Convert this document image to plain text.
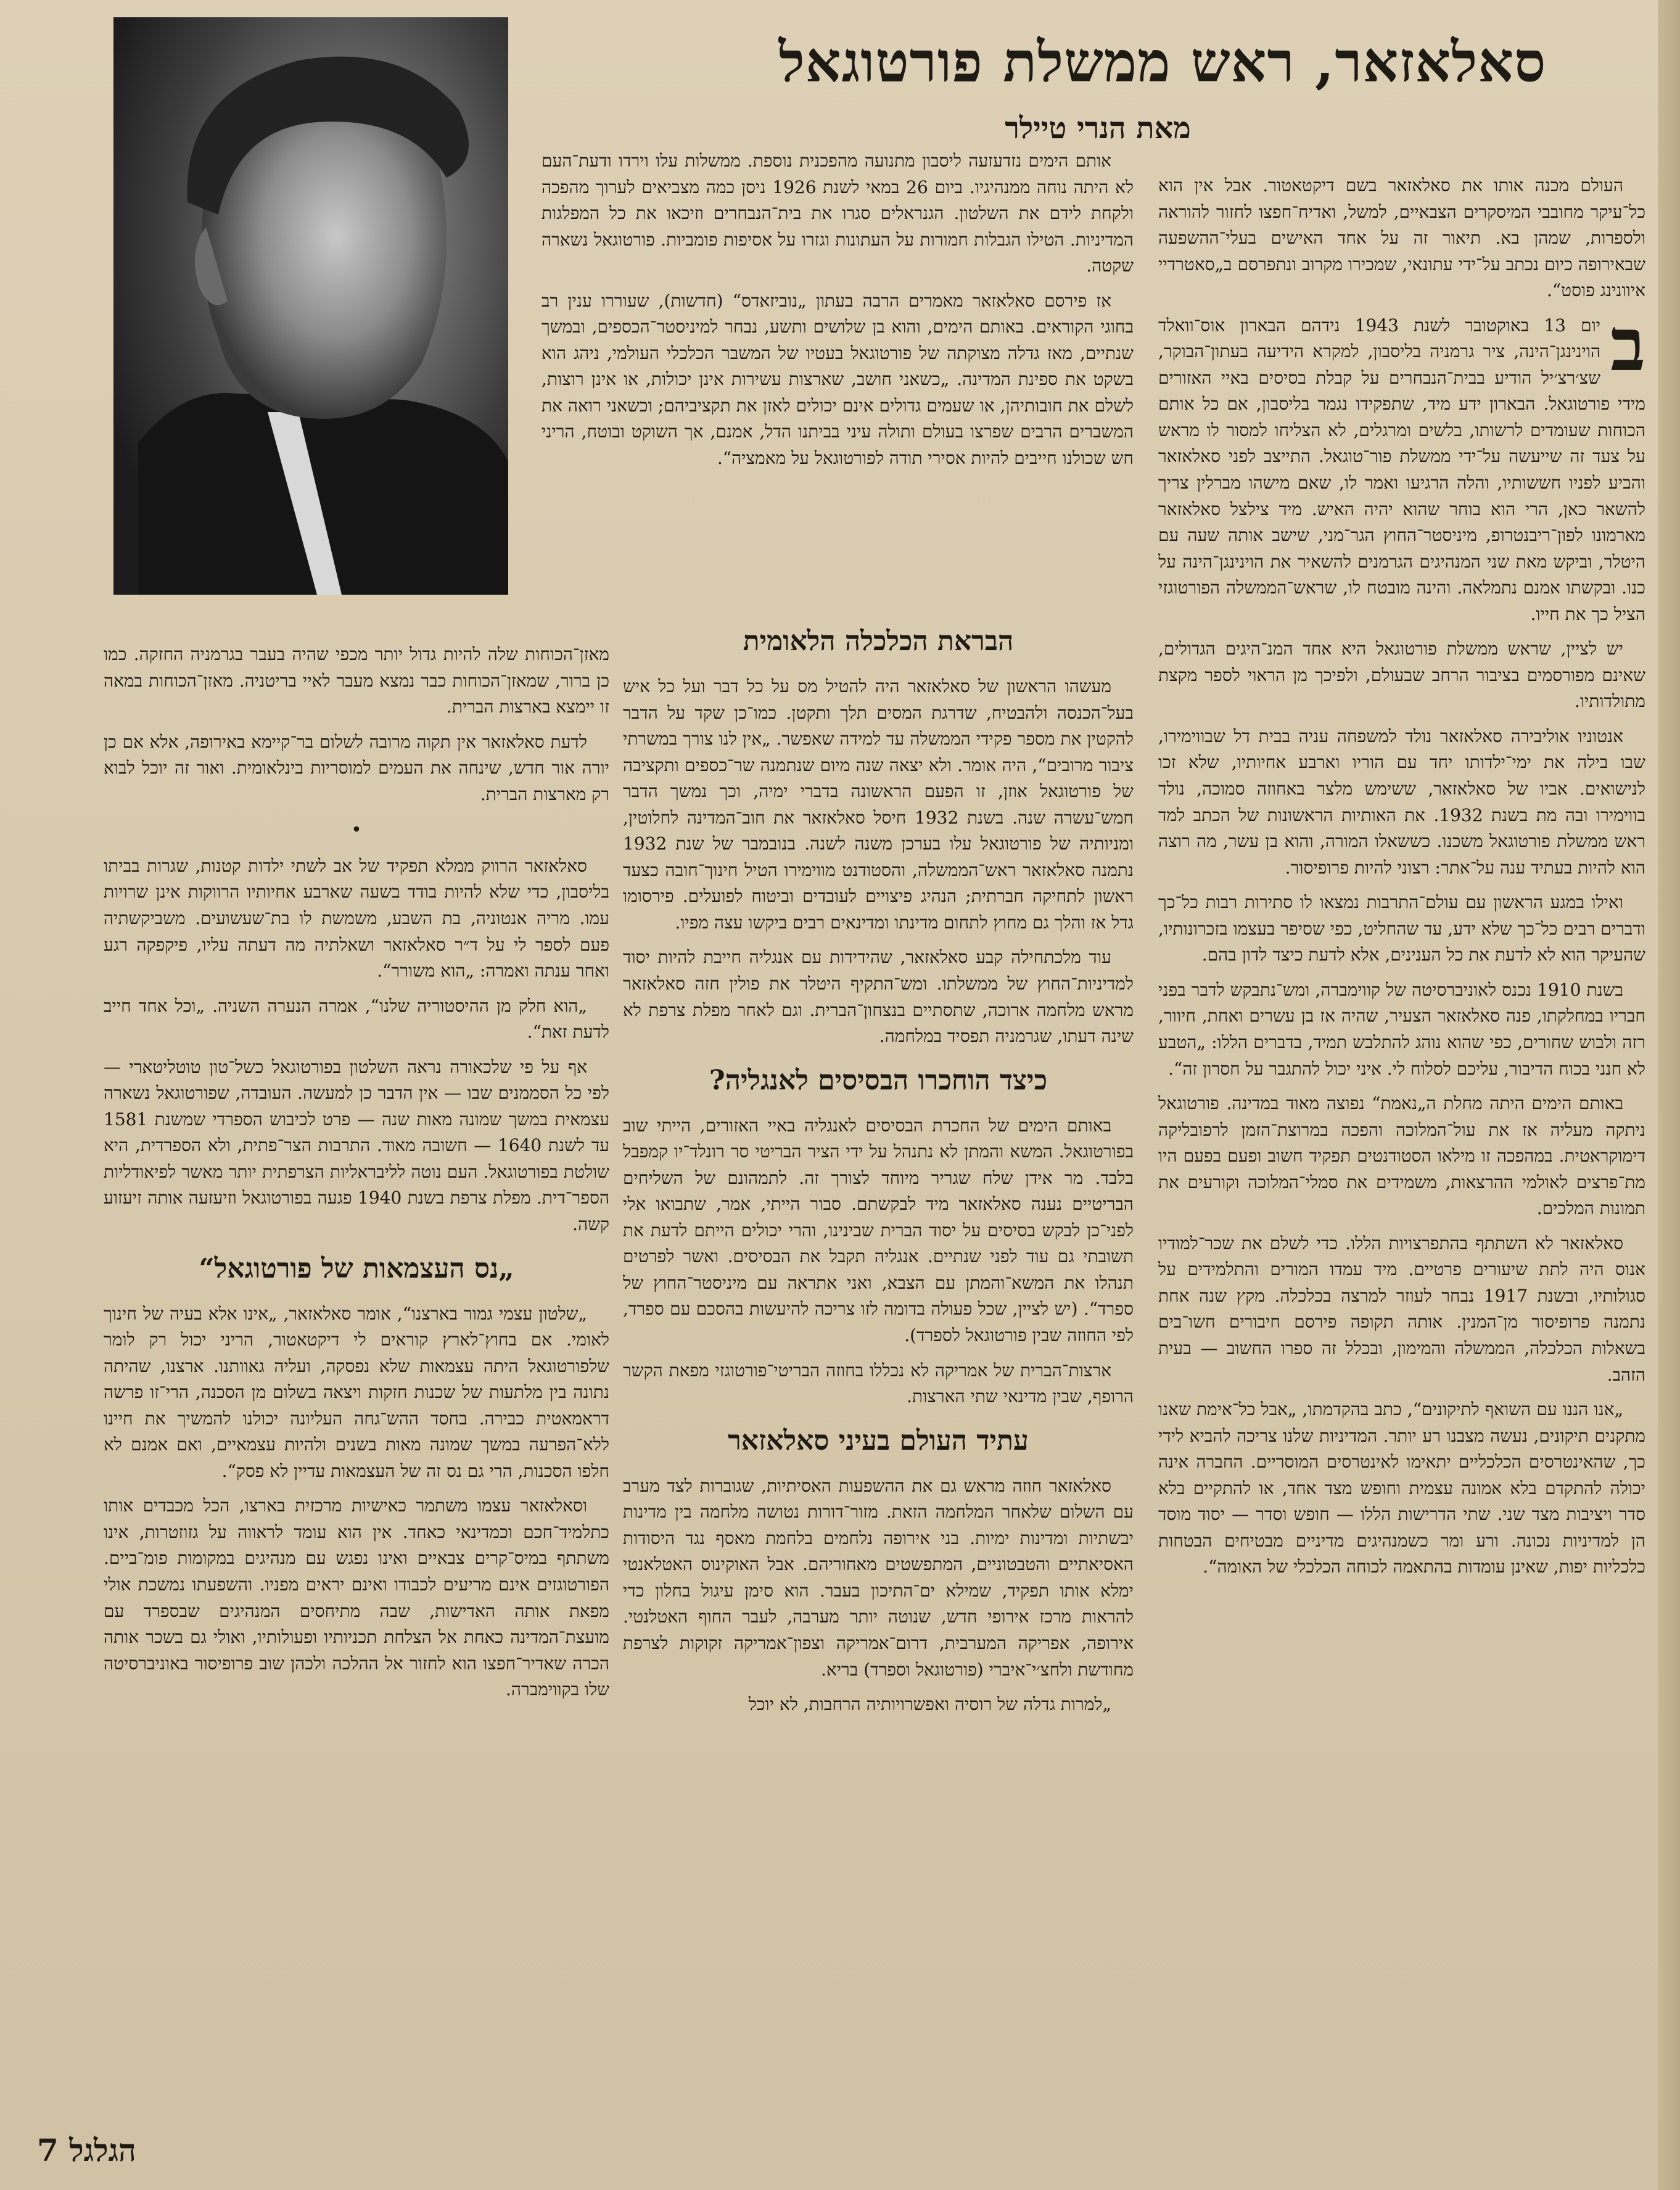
סאלאזאר, ראש ממשלת פורטוגאל
מאת הנרי טיילר

העולם מכנה אותו את סאלאזאר בשם דיקטאטור. אבל אין הוא כל־עיקר מחובבי המיסקרים הצבאיים, למשל, ואדיח־חפצו לחזור להוראה ולספרות, שמהן בא. תיאור זה על אחד האישים בעלי־ההשפעה שבאירופה כיום נכתב על־ידי עתונאי, שמכירו מקרוב ונתפרסם ב„סאטרדיי איוונינג פוסט“.

ב
יום 13 באוקטובר לשנת 1943 נידהם הבארון אוס־וואלד הוינינגן־הינה, ציר גרמניה בליסבון, למקרא הידיעה בעתון־הבוקר, שצ׳רצ׳יל הודיע בבית־הנבחרים על קבלת בסיסים באיי האזורים מידי פורטוגאל. הבארון ידע מיד, שתפקידו נגמר בליסבון, אם כל אותם הכוחות שעומדים לרשותו, בלשים ומרגלים, לא הצליחו למסור לו מראש על צעד זה שייעשה על־ידי ממשלת פור־טוגאל. התייצב לפני סאלאזאר והביע לפניו חששותיו, והלה הרגיעו ואמר לו, שאם מישהו מברלין צריך להשאר כאן, הרי הוא בוחר שהוא יהיה האיש. מיד צילצל סאלאזאר מארמונו לפון־ריבנטרופ, מיניסטר־החוץ הגר־מני, שישב אותה שעה עם היטלר, וביקש מאת שני המנהיגים הגרמנים להשאיר את הוינינגן־הינה על כנו. ובקשתו אמנם נתמלאה. והינה מובטח לו, שראש־הממשלה הפורטוגזי הציל כך את חייו.

יש לציין, שראש ממשלת פורטוגאל היא אחד המנ־היגים הגדולים, שאינם מפורסמים בציבור הרחב שבעולם, ולפיכך מן הראוי לספר מקצת מתולדותיו.

אנטוניו אוליבירה סאלאזאר נולד למשפחה עניה בבית דל שבווימירו, שבו בילה את ימי־ילדותו יחד עם הוריו וארבע אחיותיו, שלא זכו לנישואים. אביו של סאלאזאר, ששימש מלצר באחוזה סמוכה, נולד בווימירו ובה מת בשנת 1932. את האותיות הראשונות של הכתב למד ראש ממשלת פורטוגאל משכנו. כששאלו המורה, והוא בן עשר, מה רוצה הוא להיות בעתיד ענה על־אתר: רצוני להיות פרופיסור.

ואילו במגע הראשון עם עולם־התרבות נמצאו לו סתירות רבות כל־כך ודברים רבים כל־כך שלא ידע, עד שהחליט, כפי שסיפר בעצמו בזכרונותיו, שהעיקר הוא לא לדעת את כל הענינים, אלא לדעת כיצד לדון בהם.

בשנת 1910 נכנס לאוניברסיטה של קווימברה, ומש־נתבקש לדבר בפני חבריו במחלקתו, פנה סאלאזאר הצעיר, שהיה אז בן עשרים ואחת, חיוור, רזה ולבוש שחורים, כפי שהוא נוהג להתלבש תמיד, בדברים הללו: „הטבע לא חנני בכוח הדיבור, עליכם לסלוח לי. איני יכול להתגבר על חסרון זה“.

באותם הימים היתה מחלת ה„נאמת“ נפוצה מאוד במדינה. פורטוגאל ניתקה מעליה אז את עול־המלוכה והפכה במרוצת־הזמן לרפובליקה דימוקראטית. במהפכה זו מילאו הסטודנטים תפקיד חשוב ופעם בפעם היו מת־פרצים לאולמי ההרצאות, משמידים את סמלי־המלוכה וקורעים את תמונות המלכים.

סאלאזאר לא השתתף בהתפרצויות הללו. כדי לשלם את שכר־למודיו אנוס היה לתת שיעורים פרטיים. מיד עמדו המורים והתלמידים על סגולותיו, ובשנת 1917 נבחר לעוזר למרצה בכלכלה. מקץ שנה אחת נתמנה פרופיסור מן־המנין. אותה תקופה פירסם חיבורים חשו־בים בשאלות הכלכלה, הממשלה והמימון, ובכלל זה ספרו החשוב — בעית הזהב.

„אנו הננו עם השואף לתיקונים“, כתב בהקדמתו, „אבל כל־אימת שאנו מתקנים תיקונים, נעשה מצבנו רע יותר. המדיניות שלנו צריכה להביא לידי כך, שהאינטרסים הכלכליים יתאימו לאינטרסים המוסריים. החברה אינה יכולה להתקדם בלא אמונה עצמית וחופש מצד אחד, או להתקיים בלא סדר ויציבות מצד שני. שתי הדרישות הללו — חופש וסדר — יסוד מוסד הן למדיניות נכונה. ורע ומר כשמנהיגים מדיניים מבטיחים הבטחות כלכליות יפות, שאינן עומדות בהתאמה לכוחה הכלכלי של האומה“.

אותם הימים נזדעזעה ליסבון מתנועה מהפכנית נוספת. ממשלות עלו וירדו ודעת־העם לא היתה נוחה ממנהיגיו. ביום 26 במאי לשנת 1926 ניסן כמה מצביאים לערוך מהפכה ולקחת לידם את השלטון. הגנראלים סגרו את בית־הנבחרים וזיכאו את כל המפלגות המדיניות. הטילו הגבלות חמורות על העתונות וגזרו על אסיפות פומביות. פורטוגאל נשארה שקטה.

אז פירסם סאלאזאר מאמרים הרבה בעתון „נוביזאדס“ (חדשות), שעוררו ענין רב בחוגי הקוראים. באותם הימים, והוא בן שלושים ותשע, נבחר למיניסטר־הכספים, ובמשך שנתיים, מאז גדלה מצוקתה של פורטוגאל בעטיו של המשבר הכלכלי העולמי, ניהג הוא בשקט את ספינת המדינה. „כשאני חושב, שארצות עשירות אינן יכולות, או אינן רוצות, לשלם את חובותיהן, או שעמים גדולים אינם יכולים לאזן את תקציביהם; וכשאני רואה את המשברים הרבים שפרצו בעולם ותולה עיני בביתנו הדל, אמנם, אך השוקט ובוטח, הריני חש שכולנו חייבים להיות אסירי תודה לפורטוגאל על מאמציה“.

הבראת הכלכלה הלאומית

מעשהו הראשון של סאלאזאר היה להטיל מס על כל דבר ועל כל איש בעל־הכנסה ולהבטיח, שדרגת המסים תלך ותקטן. כמו־כן שקד על הדבר להקטין את מספר פקידי הממשלה עד למידה שאפשר. „אין לנו צורך במשרתי ציבור מרובים“, היה אומר. ולא יצאה שנה מיום שנתמנה שר־כספים ותקציבה של פורטוגאל אוזן, זו הפעם הראשונה בדברי ימיה, וכך נמשך הדבר חמש־עשרה שנה. בשנת 1932 חיסל סאלאזאר את חוב־המדינה לחלוטין, ומניותיה של פורטוגאל עלו בערכן משנה לשנה. בנובמבר של שנת 1932 נתמנה סאלאזאר ראש־הממשלה, והסטודנט מווימירו הטיל חינוך־חובה כצעד ראשון לתחיקה חברתית; הנהיג פיצויים לעובדים וביטוח לפועלים. פירסומו גדל אז והלך גם מחוץ לתחום מדינתו ומדינאים רבים ביקשו עצה מפיו.

עוד מלכתחילה קבע סאלאזאר, שהידידות עם אנגליה חייבת להיות יסוד למדיניות־החוץ של ממשלתו. ומש־התקיף היטלר את פולין חזה סאלאזאר מראש מלחמה ארוכה, שתסתיים בנצחון־הברית. וגם לאחר מפלת צרפת לא שינה דעתו, שגרמניה תפסיד במלחמה.

כיצד הוחכרו הבסיסים לאנגליה?

באותם הימים של החכרת הבסיסים לאנגליה באיי האזורים, הייתי שוב בפורטוגאל. המשא והמתן לא נתנהל על ידי הציר הבריטי סר רונלד־יו קמפבל בלבד. מר אידן שלח שגריר מיוחד לצורך זה. לתמהונם של השליחים הבריטיים נענה סאלאזאר מיד לבקשתם. סבור הייתי, אמר, שתבואו אלי לפני־כן לבקש בסיסים על יסוד הברית שבינינו, והרי יכולים הייתם לדעת את תשובתי גם עוד לפני שנתיים. אנגליה תקבל את הבסיסים. ואשר לפרטים תנהלו את המשא־והמתן עם הצבא, ואני אתראה עם מיניסטר־החוץ של ספרד“. (יש לציין, שכל פעולה בדומה לזו צריכה להיעשות בהסכם עם ספרד, לפי החוזה שבין פורטוגאל לספרד).

ארצות־הברית של אמריקה לא נכללו בחוזה הבריטי־פורטוגזי מפאת הקשר הרופף, שבין מדינאי שתי הארצות.

עתיד העולם בעיני סאלאזאר

סאלאזאר חוזה מראש גם את ההשפעות האסיתיות, שגוברות לצד מערב עם השלום שלאחר המלחמה הזאת. מזור־דורות נטושה מלחמה בין מדינות יבשתיות ומדינות ימיות. בני אירופה נלחמים בלחמת מאסף נגד היסודות האסיאתיים והטבטוניים, המתפשטים מאחוריהם. אבל האוקינוס האטלאנטי ימלא אותו תפקיד, שמילא ים־התיכון בעבר. הוא סימן עיגול בחלון כדי להראות מרכז אירופי חדש, שנוטה יותר מערבה, לעבר החוף האטלנטי. אירופה, אפריקה המערבית, דרום־אמריקה וצפון־אמריקה זקוקות לצרפת מחודשת ולחצ׳י־איברי (פורטוגאל וספרד) בריא.

„למרות גדלה של רוסיה ואפשרויותיה הרחבות, לא יוכל

מאזן־הכוחות שלה להיות גדול יותר מכפי שהיה בעבר בגרמניה החזקה. כמו כן ברור, שמאזן־הכוחות כבר נמצא מעבר לאיי בריטניה. מאזן־הכוחות במאה זו יימצא בארצות הברית.

לדעת סאלאזאר אין תקוה מרובה לשלום בר־קיימא באירופה, אלא אם כן יורה אור חדש, שינחה את העמים למוסריות בינלאומית. ואור זה יוכל לבוא רק מארצות הברית.

•

סאלאזאר הרווק ממלא תפקיד של אב לשתי ילדות קטנות, שגרות בביתו בליסבון, כדי שלא להיות בודד בשעה שארבע אחיותיו הרווקות אינן שרויות עמו. מריה אנטוניה, בת השבע, משמשת לו בת־שעשועים. משביקשתיה פעם לספר לי על ד״ר סאלאזאר ושאלתיה מה דעתה עליו, פיקפקה רגע ואחר ענתה ואמרה: „הוא משורר“.

„הוא חלק מן ההיסטוריה שלנו“, אמרה הנערה השניה. „וכל אחד חייב לדעת זאת“.

אף על פי שלכאורה נראה השלטון בפורטוגאל כשל־טון טוטליטארי — לפי כל הסממנים שבו — אין הדבר כן למעשה. העובדה, שפורטוגאל נשארה עצמאית במשך שמונה מאות שנה — פרט לכיבוש הספרדי שמשנת 1581 עד לשנת 1640 — חשובה מאוד. התרבות הצר־פתית, ולא הספרדית, היא שולטת בפורטוגאל. העם נוטה לליבראליות הצרפתית יותר מאשר לפיאודליות הספר־דית. מפלת צרפת בשנת 1940 פגעה בפורטוגאל וזיעזעה אותה זיעזוע קשה.

„נס העצמאות של פורטוגאל“

„שלטון עצמי גמור בארצנו“, אומר סאלאזאר, „אינו אלא בעיה של חינוך לאומי. אם בחוץ־לארץ קוראים לי דיקטאטור, הריני יכול רק לומר שלפורטוגאל היתה עצמאות שלא נפסקה, ועליה גאוותנו. ארצנו, שהיתה נתונה בין מלתעות של שכנות חזקות ויצאה בשלום מן הסכנה, הרי־זו פרשה דראמאטית כבירה. בחסד ההש־גחה העליונה יכולנו להמשיך את חיינו ללא־הפרעה במשך שמונה מאות בשנים ולהיות עצמאיים, ואם אמנם לא חלפו הסכנות, הרי גם נס זה של העצמאות עדיין לא פסק“.

וסאלאזאר עצמו משתמר כאישיות מרכזית בארצו, הכל מכבדים אותו כתלמיד־חכם וכמדינאי כאחד. אין הוא עומד לראווה על גזוזטרות, אינו משתתף במיס־קרים צבאיים ואינו נפגש עם מנהיגים במקומות פומ־ביים. הפורטוגזים אינם מריעים לכבודו ואינם יראים מפניו. והשפעתו נמשכת אולי מפאת אותה האדישות, שבה מתיחסים המנהיגים שבספרד עם מועצת־המדינה כאחת אל הצלחת תכניותיו ופעולותיו, ואולי גם בשכר אותה הכרה שאדיר־חפצו הוא לחזור אל ההלכה ולכהן שוב פרופיסור באוניברסיטה שלו בקווימברה.

הגלגל 7
